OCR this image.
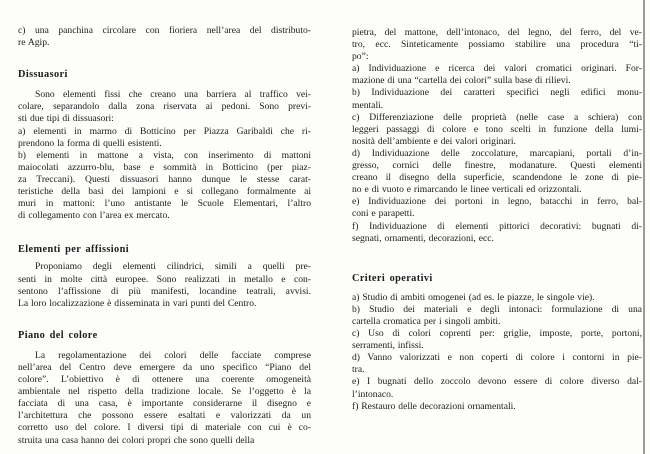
c) una panchina circolare con fioriera nell’area del distributo-
re Agip.
Dissuasori
Sono elementi fissi che creano una barriera al traffico vei-
colare, separandolo dalla zona riservata ai pedoni. Sono previ-
sti due tipi di dissuasori:
a) elementi in marmo di Botticino per Piazza Garibaldi che ri-
prendono la forma di quelli esistenti.
b) elementi in mattone a vista, con inserimento di mattoni
maiocolati azzurro-blu, base e sommità in Botticino (per piaz-
za Treccani). Questi dissuasori hanno dunque le stesse carat-
teristiche della basi dei lampioni e si collegano formalmente ai
muri in mattoni: l’uno antistante le Scuole Elementari, l’altro
di collegamento con l’area ex mercato.
Elementi per affissioni
Proponiamo degli elementi cilindrici, simili a quelli pre-
senti in molte città europee. Sono realizzati in metallo e con-
sentono l’affissione di più manifesti, locandine teatrali, avvisi.
La loro localizzazione è disseminata in vari punti del Centro.
Piano del colore
La regolamentazione dei colori delle facciate comprese
nell’area del Centro deve emergere da uno specifico “Piano del
colore”. L’obiettivo è di ottenere una coerente omogeneità
ambientale nel rispetto della tradizione locale. Se l’oggetto è la
facciata di una casa, è importante considerarne il disegno e
l’architettura che possono essere esaltati e valorizzati da un
corretto uso del colore. I diversi tipi di materiale con cui è co-
struita una casa hanno dei colori propri che sono quelli della
pietra, del mattone, dell’intonaco, del legno, del ferro, del ve-
tro, ecc. Sinteticamente possiamo stabilire una procedura “ti-
po”:
a) Individuazione e ricerca dei valori cromatici originari. For-
mazione di una “cartella dei colori” sulla base di rilievi.
b) Individuazione dei caratteri specifici negli edifici monu-
mentali.
c) Differenziazione delle proprietà (nelle case a schiera) con
leggeri passaggi di colore e tono scelti in funzione della lumi-
nosità dell’ambiente e dei valori originari.
d) Individuazione delle zoccolature, marcapiani, portali d’in-
gresso, cornici delle finestre, modanature. Questi elementi
creano il disegno della superficie, scandendone le zone di pie-
no e di vuoto e rimarcando le linee verticali ed orizzontali.
e) Individuazione dei portoni in legno, batacchi in ferro, bal-
coni e parapetti.
f) Individuazione di elementi pittorici decorativi: bugnati di-
segnati, ornamenti, decorazioni, ecc.
Criteri operativi
a) Studio di ambiti omogenei (ad es. le piazze, le singole vie).
b) Studio dei materiali e degli intonaci: formulazione di una
cartella cromatica per i singoli ambiti.
c) Uso di colori coprenti per: griglie, imposte, porte, portoni,
serramenti, infissi.
d) Vanno valorizzati e non coperti di colore i contorni in pie-
tra.
e) I bugnati dello zoccolo devono essere di colore diverso dal-
l’intonaco.
f) Restauro delle decorazioni ornamentali.
